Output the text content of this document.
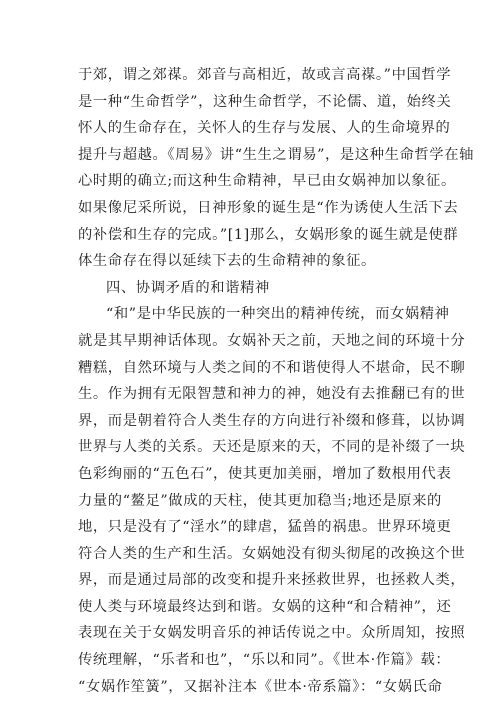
于郊，谓之郊禖。郊音与高相近，故或言高禖。”中国哲学
是一种“生命哲学”，这种生命哲学，不论儒、道，始终关
怀人的生命存在，关怀人的生存与发展、人的生命境界的
提升与超越。《周易》讲“生生之谓易”，是这种生命哲学在轴
心时期的确立;而这种生命精神，早已由女娲神加以象征。
如果像尼采所说，日神形象的诞生是“作为诱使人生活下去
的补偿和生存的完成。”[1]那么，女娲形象的诞生就是使群
体生命存在得以延续下去的生命精神的象征。
四、协调矛盾的和谐精神
“和”是中华民族的一种突出的精神传统，而女娲精神
就是其早期神话体现。女娲补天之前，天地之间的环境十分
糟糕，自然环境与人类之间的不和谐使得人不堪命，民不聊
生。作为拥有无限智慧和神力的神，她没有去推翻已有的世
界，而是朝着符合人类生存的方向进行补缀和修葺，以协调
世界与人类的关系。天还是原来的天，不同的是补缀了一块
色彩绚丽的“五色石”，使其更加美丽，增加了数根用代表
力量的“鳌足”做成的天柱，使其更加稳当;地还是原来的
地，只是没有了“淫水”的肆虐，猛兽的祸患。世界环境更
符合人类的生产和生活。女娲她没有彻头彻尾的改换这个世
界，而是通过局部的改变和提升来拯救世界，也拯救人类，
使人类与环境最终达到和谐。女娲的这种“和合精神”，还
表现在关于女娲发明音乐的神话传说之中。众所周知，按照
传统理解，“乐者和也”，“乐以和同”。《世本·作篇》载：
“女娲作笙簧”，又据补注本《世本·帝系篇》：“女娲氏命
